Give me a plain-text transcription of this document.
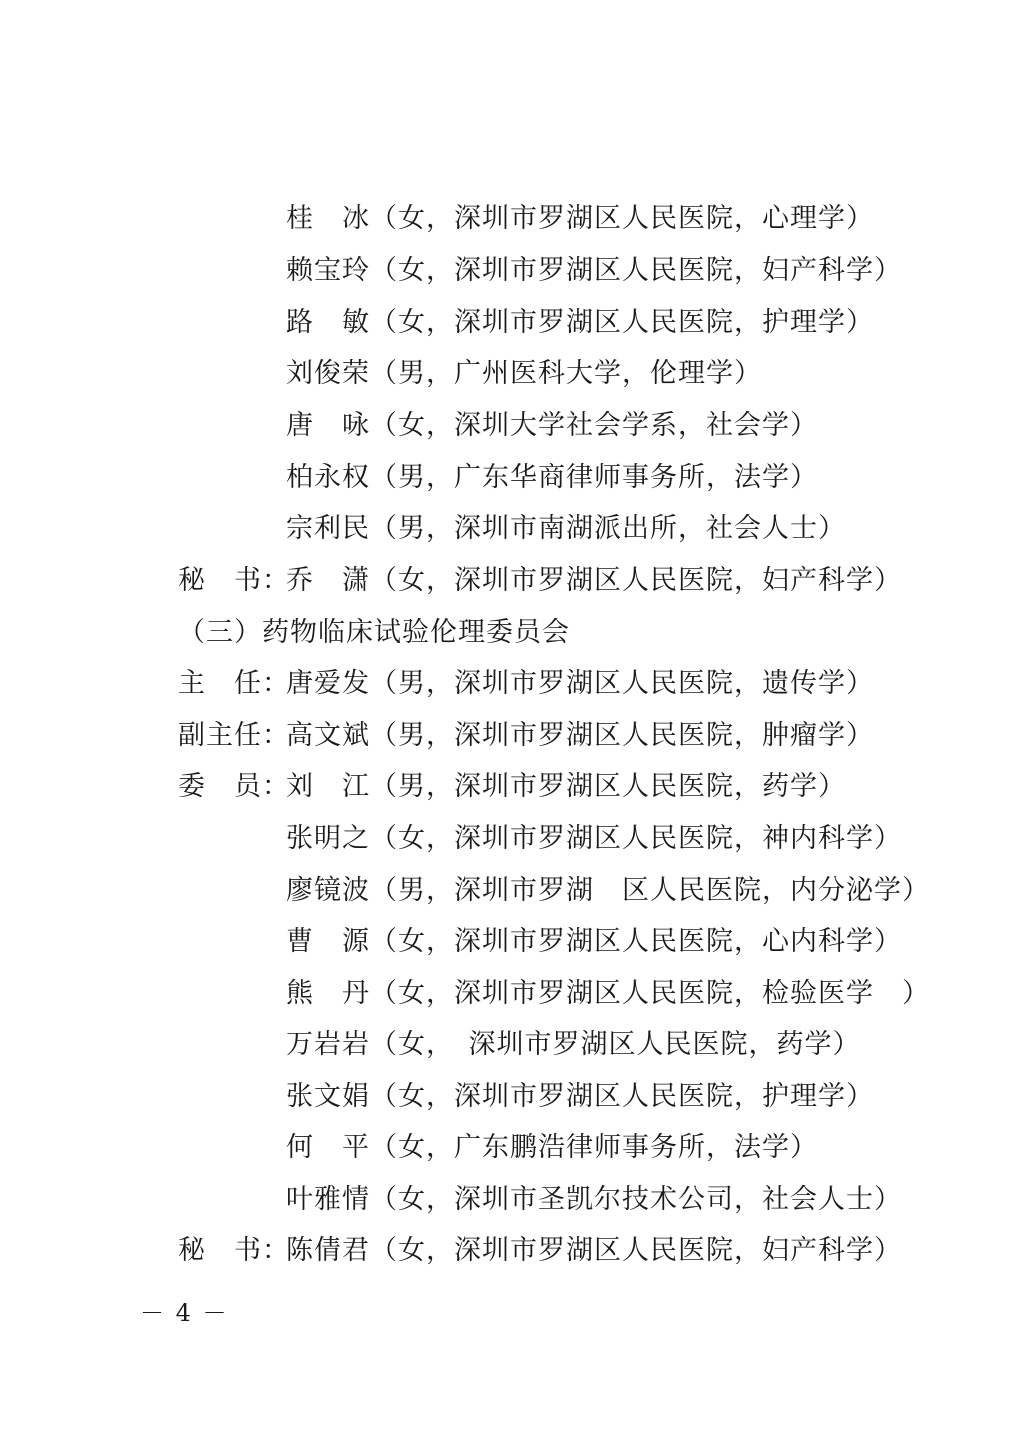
桂　冰（女，深圳市罗湖区人民医院，心理学）
赖宝玲（女，深圳市罗湖区人民医院，妇产科学）
路　敏（女，深圳市罗湖区人民医院，护理学）
刘俊荣（男，广州医科大学，伦理学）
唐　咏（女，深圳大学社会学系，社会学）
柏永权（男，广东华商律师事务所，法学）
宗利民（男，深圳市南湖派出所，社会人士）
秘　书：
乔　潇（女，深圳市罗湖区人民医院，妇产科学）
（三）药物临床试验伦理委员会
主　任：
唐爱发（男，深圳市罗湖区人民医院，遗传学）
副主任：
高文斌（男，深圳市罗湖区人民医院，肿瘤学）
委　员：
刘　江（男，深圳市罗湖区人民医院，药学）
张明之（女，深圳市罗湖区人民医院，神内科学）
廖镜波（男，深圳市罗湖　区人民医院，内分泌学）
曹　源（女，深圳市罗湖区人民医院，心内科学）
熊　丹（女，深圳市罗湖区人民医院，检验医学　）
万岩岩（女，　深圳市罗湖区人民医院，药学）
张文娟（女，深圳市罗湖区人民医院，护理学）
何　平（女，广东鹏浩律师事务所，法学）
叶雅情（女，深圳市圣凯尔技术公司，社会人士）
秘　书：
陈倩君（女，深圳市罗湖区人民医院，妇产科学）
－ 4 －
